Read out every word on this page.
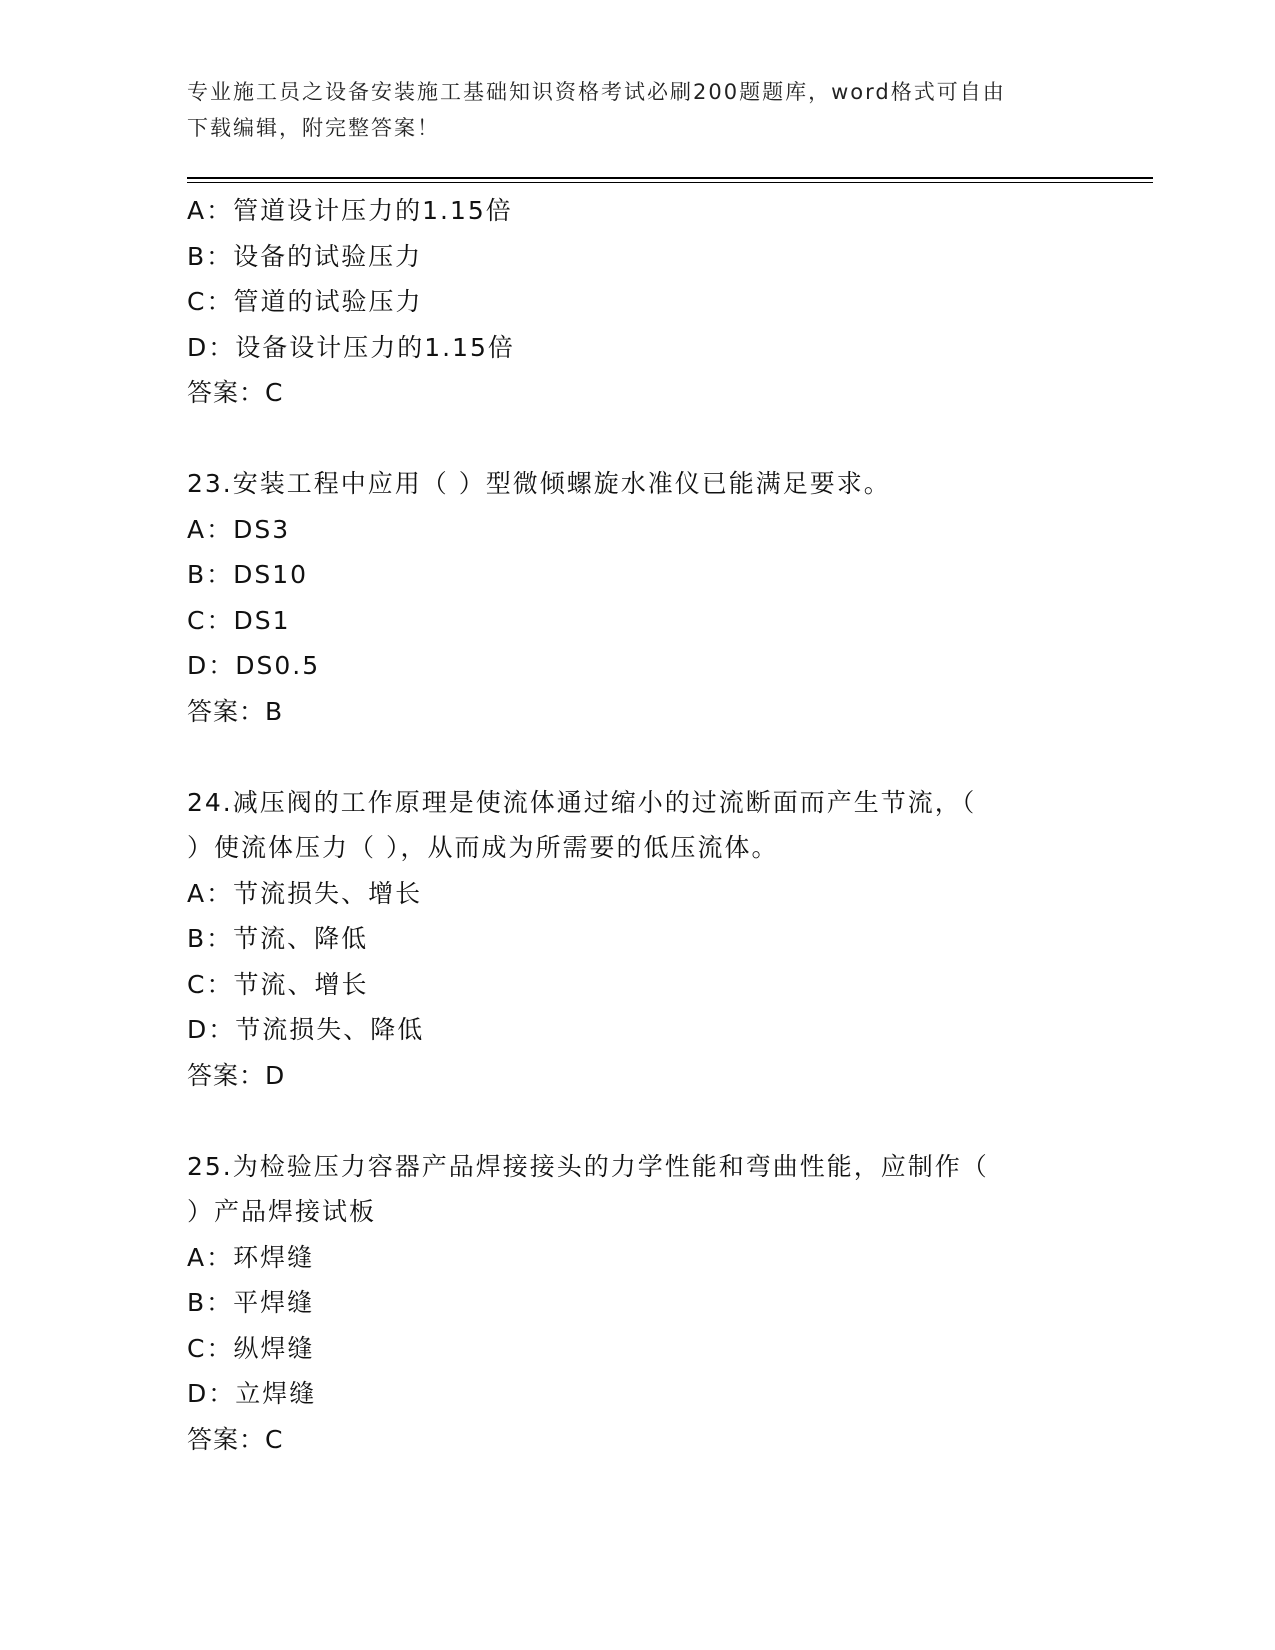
专业施工员之设备安装施工基础知识资格考试必刷200题题库，word格式可自由
下载编辑，附完整答案！
A：管道设计压力的1.15倍
B：设备的试验压力
C：管道的试验压力
D：设备设计压力的1.15倍
答案：C
23.安装工程中应用（ ）型微倾螺旋水准仪已能满足要求。
A：DS3
B：DS10
C：DS1
D：DS0.5
答案：B
24.减压阀的工作原理是使流体通过缩小的过流断面而产生节流，（
）使流体压力（ ），从而成为所需要的低压流体。
A：节流损失、增长
B：节流、降低
C：节流、增长
D：节流损失、降低
答案：D
25.为检验压力容器产品焊接接头的力学性能和弯曲性能，应制作（
）产品焊接试板
A：环焊缝
B：平焊缝
C：纵焊缝
D：立焊缝
答案：C
